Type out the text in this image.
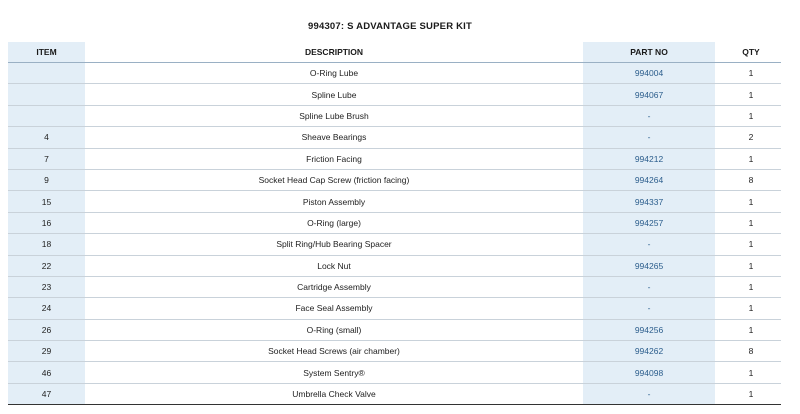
994307: S ADVANTAGE SUPER KIT
ITEM	DESCRIPTION	PART NO		QTY
	O-Ring Lube	994004		1
	Spline Lube	994067		1
	Spline Lube Brush	-		1
4	Sheave Bearings	-		2
7	Friction Facing	994212		1
9	Socket Head Cap Screw (friction facing)	994264		8
15	Piston Assembly	994337		1
16	O-Ring (large)	994257		1
18	Split Ring/Hub Bearing Spacer	-		1
22	Lock Nut	994265		1
23	Cartridge Assembly	-		1
24	Face Seal Assembly	-		1
26	O-Ring (small)	994256		1
29	Socket Head Screws (air chamber)	994262		8
46	System Sentry®	994098		1
47	Umbrella Check Valve	-		1
